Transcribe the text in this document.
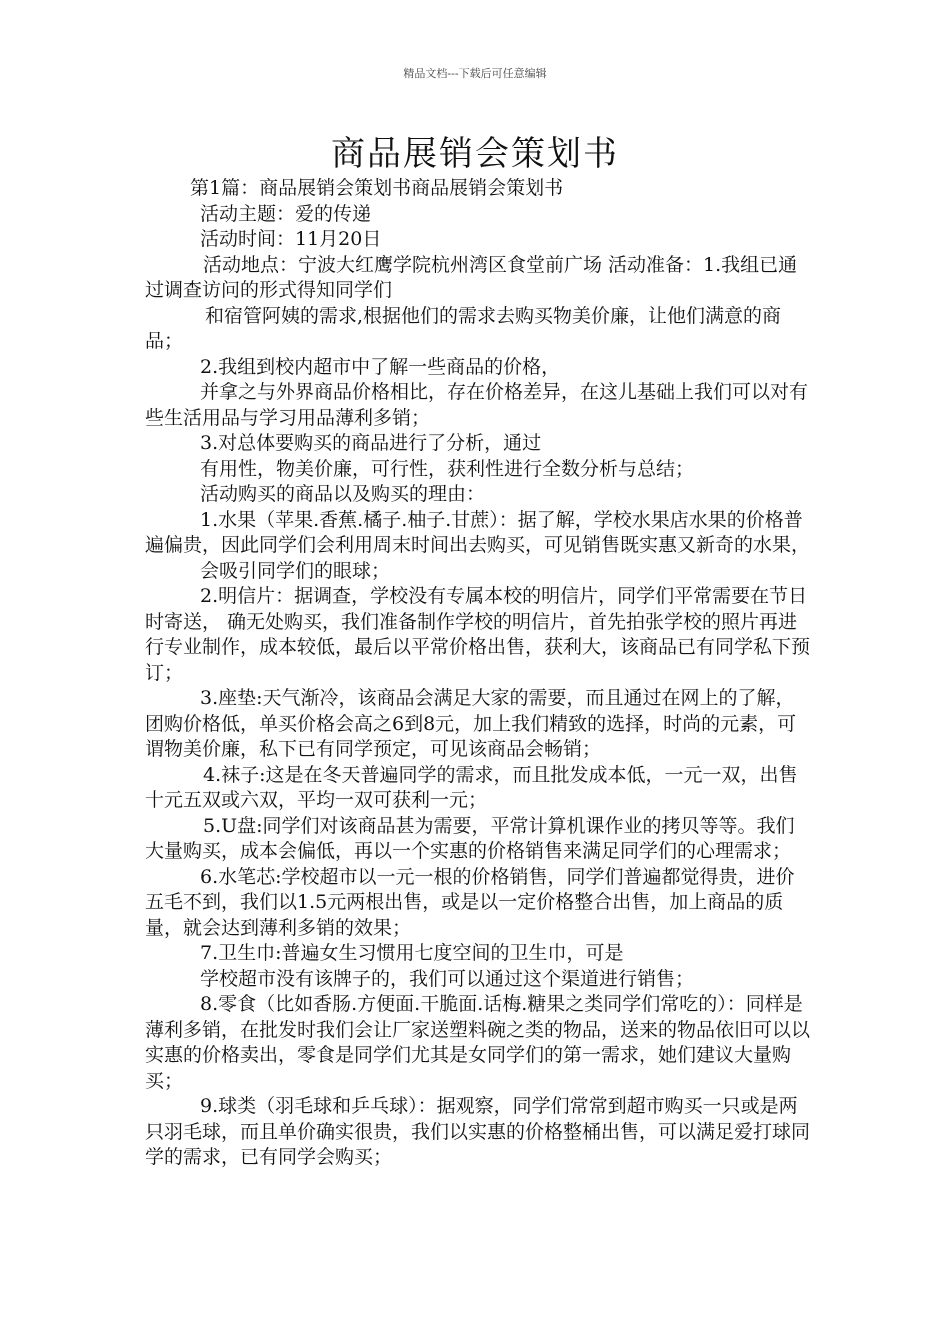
精品文档---下载后可任意编辑
商品展销会策划书

第1篇：商品展销会策划书商品展销会策划书

活动主题：爱的传递

活动时间：11月20日

活动地点：宁波大红鹰学院杭州湾区食堂前广场 活动准备：1.我组已通过调查访问的形式得知同学们

和宿管阿姨的需求,根据他们的需求去购买物美价廉，让他们满意的商品；

2.我组到校内超市中了解一些商品的价格，

并拿之与外界商品价格相比，存在价格差异，在这儿基础上我们可以对有些生活用品与学习用品薄利多销；

3.对总体要购买的商品进行了分析，通过

有用性，物美价廉，可行性，获利性进行全数分析与总结；

活动购买的商品以及购买的理由：

1.水果（苹果.香蕉.橘子.柚子.甘蔗）：据了解，学校水果店水果的价格普遍偏贵，因此同学们会利用周末时间出去购买，可见销售既实惠又新奇的水果，

会吸引同学们的眼球；

2.明信片：据调查，学校没有专属本校的明信片，同学们平常需要在节日时寄送， 确无处购买，我们准备制作学校的明信片，首先拍张学校的照片再进行专业制作，成本较低，最后以平常价格出售，获利大，该商品已有同学私下预订；

3.座垫:天气渐冷，该商品会满足大家的需要，而且通过在网上的了解，团购价格低，单买价格会高之6到8元，加上我们精致的选择，时尚的元素，可谓物美价廉，私下已有同学预定，可见该商品会畅销；

4.袜子:这是在冬天普遍同学的需求，而且批发成本低，一元一双，出售十元五双或六双，平均一双可获利一元；

5.U盘:同学们对该商品甚为需要，平常计算机课作业的拷贝等等。我们大量购买，成本会偏低，再以一个实惠的价格销售来满足同学们的心理需求；

6.水笔芯:学校超市以一元一根的价格销售，同学们普遍都觉得贵，进价五毛不到，我们以1.5元两根出售，或是以一定价格整合出售，加上商品的质量，就会达到薄利多销的效果；

7.卫生巾:普遍女生习惯用七度空间的卫生巾，可是

学校超市没有该牌子的，我们可以通过这个渠道进行销售；

8.零食（比如香肠.方便面.干脆面.话梅.糖果之类同学们常吃的）：同样是薄利多销，在批发时我们会让厂家送塑料碗之类的物品，送来的物品依旧可以以实惠的价格卖出，零食是同学们尤其是女同学们的第一需求，她们建议大量购买；

9.球类（羽毛球和乒乓球）：据观察，同学们常常到超市购买一只或是两只羽毛球，而且单价确实很贵，我们以实惠的价格整桶出售，可以满足爱打球同学的需求，已有同学会购买；
